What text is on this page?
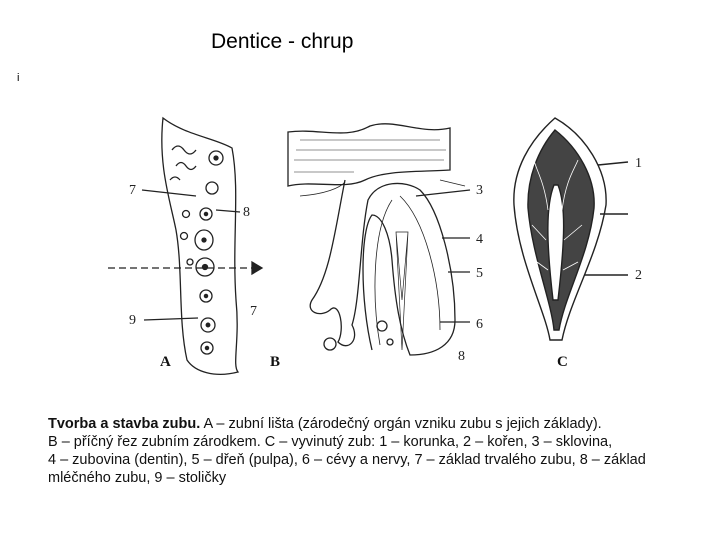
Dentice - chrup
i
7
8
9
7
3
4
5
6
8
1
2
A	B	C
Tvorba a stavba zubu. A – zubní lišta (zárodečný orgán vzniku zubu s jejich základy).
B – příčný řez zubním zárodkem. C – vyvinutý zub: 1 – korunka, 2 – kořen, 3 – sklovina,
4 – zubovina (dentin), 5 – dřeň (pulpa), 6 – cévy a nervy, 7 – základ trvalého zubu, 8 – základ
mléčného zubu, 9 – stoličky
